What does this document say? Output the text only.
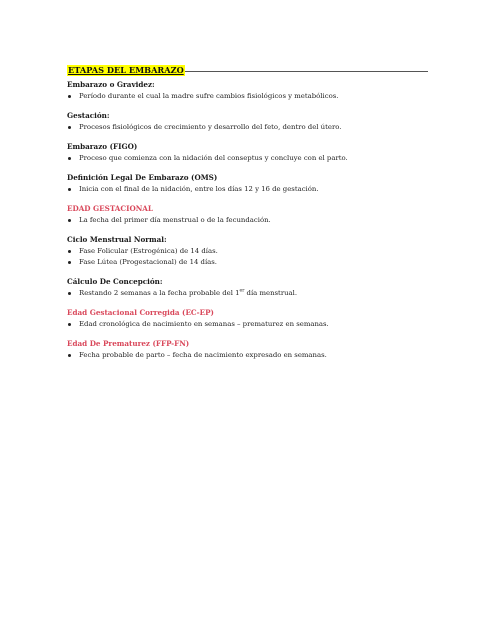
ETAPAS DEL EMBARAZO
Embarazo o Gravidez:
Período durante el cual la madre sufre cambios fisiológicos y metabólicos.
Gestación:
Procesos fisiológicos de crecimiento y desarrollo del feto, dentro del útero.
Embarazo (FIGO)
Proceso que comienza con la nidación del conseptus y concluye con el parto.
Definición Legal De Embarazo (OMS)
Inicia con el final de la nidación, entre los días 12 y 16 de gestación.
EDAD GESTACIONAL
La fecha del primer día menstrual o de la fecundación.
Ciclo Menstrual Normal:
Fase Folicular (Estrogénica) de 14 días.
Fase Lútea (Progestacional) de 14 días.
Cálculo De Concepción:
Restando 2 semanas a la fecha probable del 1er día menstrual.
Edad Gestacional Corregida (EC-EP)
Edad cronológica de nacimiento en semanas – prematurez en semanas.
Edad De Prematurez (FFP-FN)
Fecha probable de parto – fecha de nacimiento expresado en semanas.
